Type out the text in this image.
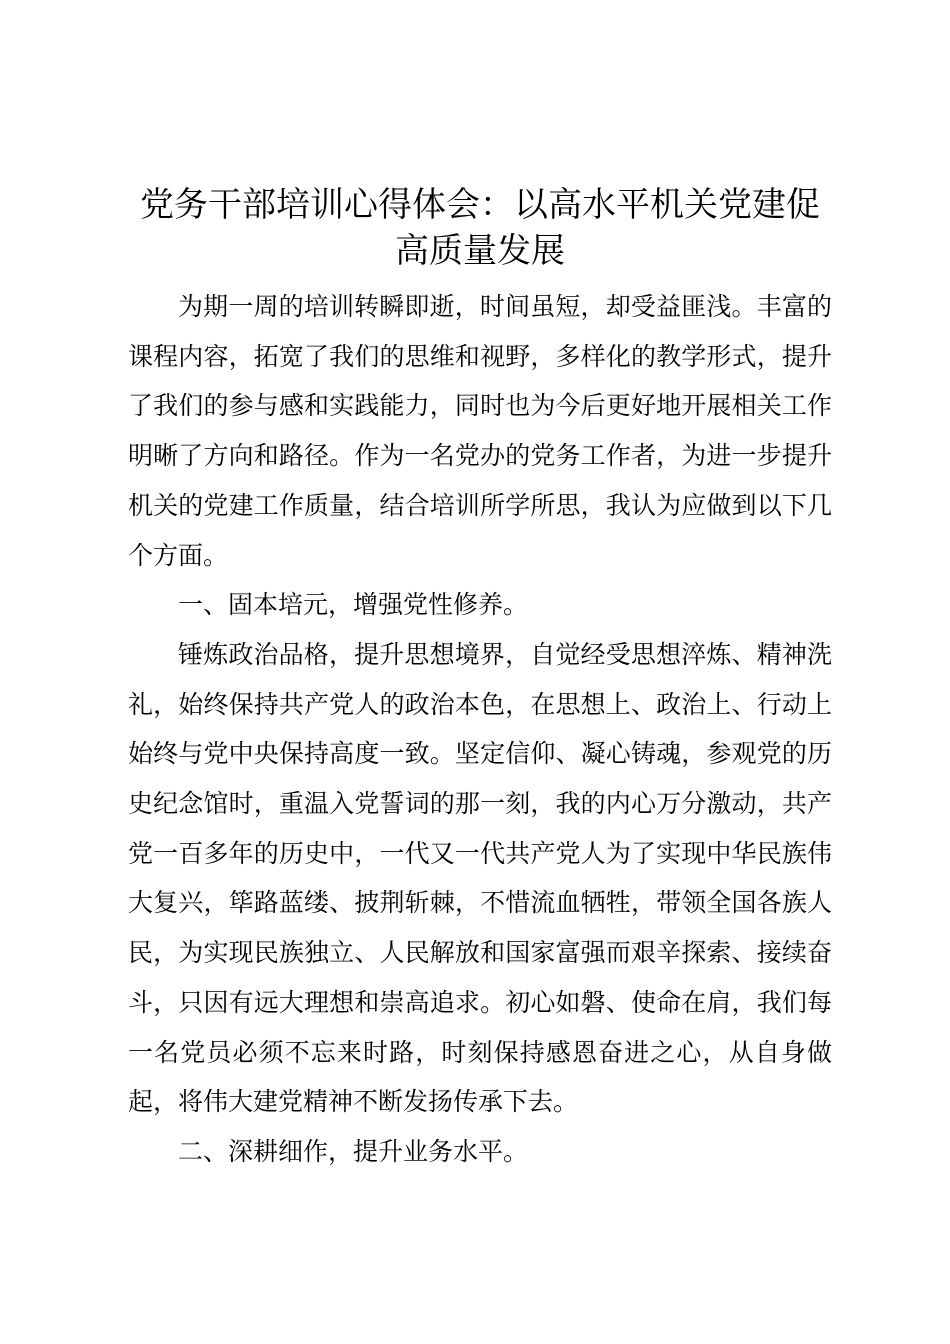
党务干部培训心得体会：以高水平机关党建促高质量发展

为期一周的培训转瞬即逝，时间虽短，却受益匪浅。丰富的课程内容，拓宽了我们的思维和视野，多样化的教学形式，提升了我们的参与感和实践能力，同时也为今后更好地开展相关工作明晰了方向和路径。作为一名党办的党务工作者，为进一步提升机关的党建工作质量，结合培训所学所思，我认为应做到以下几个方面。

一、固本培元，增强党性修养。

锤炼政治品格，提升思想境界，自觉经受思想淬炼、精神洗礼，始终保持共产党人的政治本色，在思想上、政治上、行动上始终与党中央保持高度一致。坚定信仰、凝心铸魂，参观党的历史纪念馆时，重温入党誓词的那一刻，我的内心万分激动，共产党一百多年的历史中，一代又一代共产党人为了实现中华民族伟大复兴，筚路蓝缕、披荆斩棘，不惜流血牺牲，带领全国各族人民，为实现民族独立、人民解放和国家富强而艰辛探索、接续奋斗，只因有远大理想和崇高追求。初心如磐、使命在肩，我们每一名党员必须不忘来时路，时刻保持感恩奋进之心，从自身做起，将伟大建党精神不断发扬传承下去。

二、深耕细作，提升业务水平。
